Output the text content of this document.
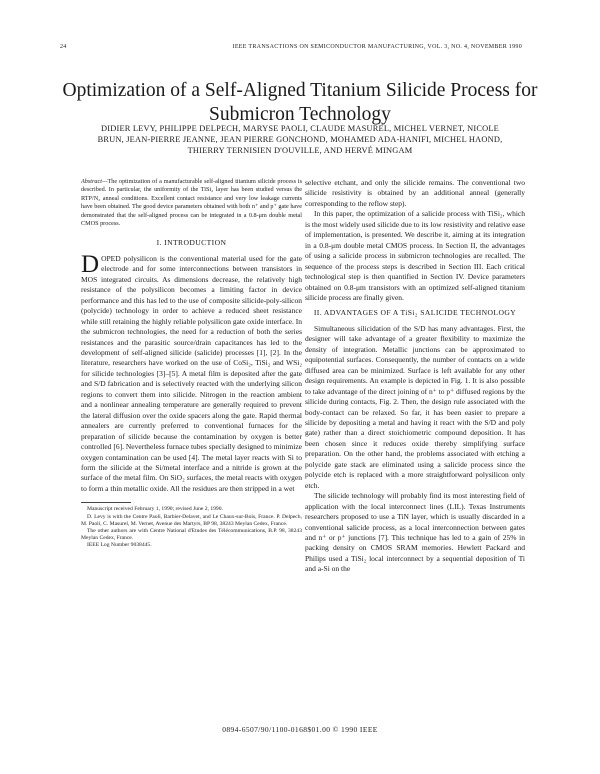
24	IEEE TRANSACTIONS ON SEMICONDUCTOR MANUFACTURING, VOL. 3, NO. 4, NOVEMBER 1990
Optimization of a Self-Aligned Titanium Silicide Process for Submicron Technology
DIDIER LEVY, PHILIPPE DELPECH, MARYSE PAOLI, CLAUDE MASUREL, MICHEL VERNET, NICOLE BRUN, JEAN-PIERRE JEANNE, JEAN PIERRE GONCHOND, MOHAMED ADA-HANIFI, MICHEL HAOND, THIERRY TERNISIEN D'OUVILLE, AND HERVÉ MINGAM
Abstract—The optimization of a manufacturable self-aligned titanium silicide process is described. In particular, the uniformity of the TiSi₂ layer has been studied versus the RTP/N₂ anneal conditions. Excellent contact resistance and very low leakage currents have been obtained. The good device parameters obtained with both n⁺ and p⁺ gate have demonstrated that the self-aligned process can be integrated in a 0.8-μm double metal CMOS process.
I. INTRODUCTION

DOPED polysilicon is the conventional material used for the gate electrode and for some interconnections between transistors in MOS integrated circuits. As dimensions decrease, the relatively high resistance of the polysilicon becomes a limiting factor in device performance and this has led to the use of composite silicide-poly-silicon (polycide) technology in order to achieve a reduced sheet resistance while still retaining the highly reliable polysilicon gate oxide interface. In the submicron technologies, the need for a reduction of both the series resistances and the parasitic source/drain capacitances has led to the development of self-aligned silicide (salicide) processes [1], [2]. In the literature, researchers have worked on the use of CoSi₂, TiSi₂ and WSi₂ for silicide technologies [3]–[5]. A metal film is deposited after the gate and S/D fabrication and is selectively reacted with the underlying silicon regions to convert them into silicide. Nitrogen in the reaction ambient and a nonlinear annealing temperature are generally required to prevent the lateral diffusion over the oxide spacers along the gate. Rapid thermal annealers are currently preferred to conventional furnaces for the preparation of silicide because the contamination by oxygen is better controlled [6]. Nevertheless furnace tubes specially designed to minimize oxygen contamination can be used [4]. The metal layer reacts with Si to form the silicide at the Si/metal interface and a nitride is grown at the surface of the metal film. On SiO₂ surfaces, the metal reacts with oxygen to form a thin metallic oxide. All the residues are then stripped in a wet

Manuscript received February 1, 1990; revised June 2, 1990.
D. Levy is with the Centre Paoli, Barbier-Delavet, and Le Chaux-sur-Bois, France. P. Delpech, M. Paoli, C. Masurel, M. Vernet, Avenue des Martyrs, BP 98, 38243 Meylan Cedex, France.
The other authors are with Centre National d'Etudes des Télécommunications, B.P. 98, 38243 Meylan Cedex, France.
IEEE Log Number 9038445.

selective etchant, and only the silicide remains. The conventional two silicide resistivity is obtained by an additional anneal (generally corresponding to the reflow step).

In this paper, the optimization of a salicide process with TiSi₂, which is the most widely used silicide due to its low resistivity and relative ease of implementation, is presented. We describe it, aiming at its integration in a 0.8-μm double metal CMOS process. In Section II, the advantages of using a salicide process in submicron technologies are recalled. The sequence of the process steps is described in Section III. Each critical technological step is then quantified in Section IV. Device parameters obtained on 0.8-μm transistors with an optimized self-aligned titanium silicide process are finally given.

II. ADVANTAGES OF A TiSi₂ SALICIDE TECHNOLOGY

Simultaneous silicidation of the S/D has many advantages. First, the designer will take advantage of a greater flexibility to maximize the density of integration. Metallic junctions can be approximated to equipotential surfaces. Consequently, the number of contacts on a wide diffused area can be minimized. Surface is left available for any other design requirements. An example is depicted in Fig. 1. It is also possible to take advantage of the direct joining of n⁺ to p⁺ diffused regions by the silicide during contacts, Fig. 2. Then, the design rule associated with the body-contact can be relaxed. So far, it has been easier to prepare a silicide by depositing a metal and having it react with the S/D and poly gate) rather than a direct stoichiometric compound deposition. It has been chosen since it reduces oxide thereby simplifying surface preparation. On the other hand, the problems associated with etching a polycide gate stack are eliminated using a salicide process since the polycide etch is replaced with a more straightforward polysilicon only etch.

The silicide technology will probably find its most interesting field of application with the local interconnect lines (LIL). Texas Instruments researchers proposed to use a TiN layer, which is usually discarded in a conventional salicide process, as a local interconnection between gates and n⁺ or p⁺ junctions [7]. This technique has led to a gain of 25% in packing density on CMOS SRAM memories. Hewlett Packard and Philips used a TiSi₂ local interconnect by a sequential deposition of Ti and a-Si on the

0894-6507/90/1100-0168$01.00 © 1990 IEEE
